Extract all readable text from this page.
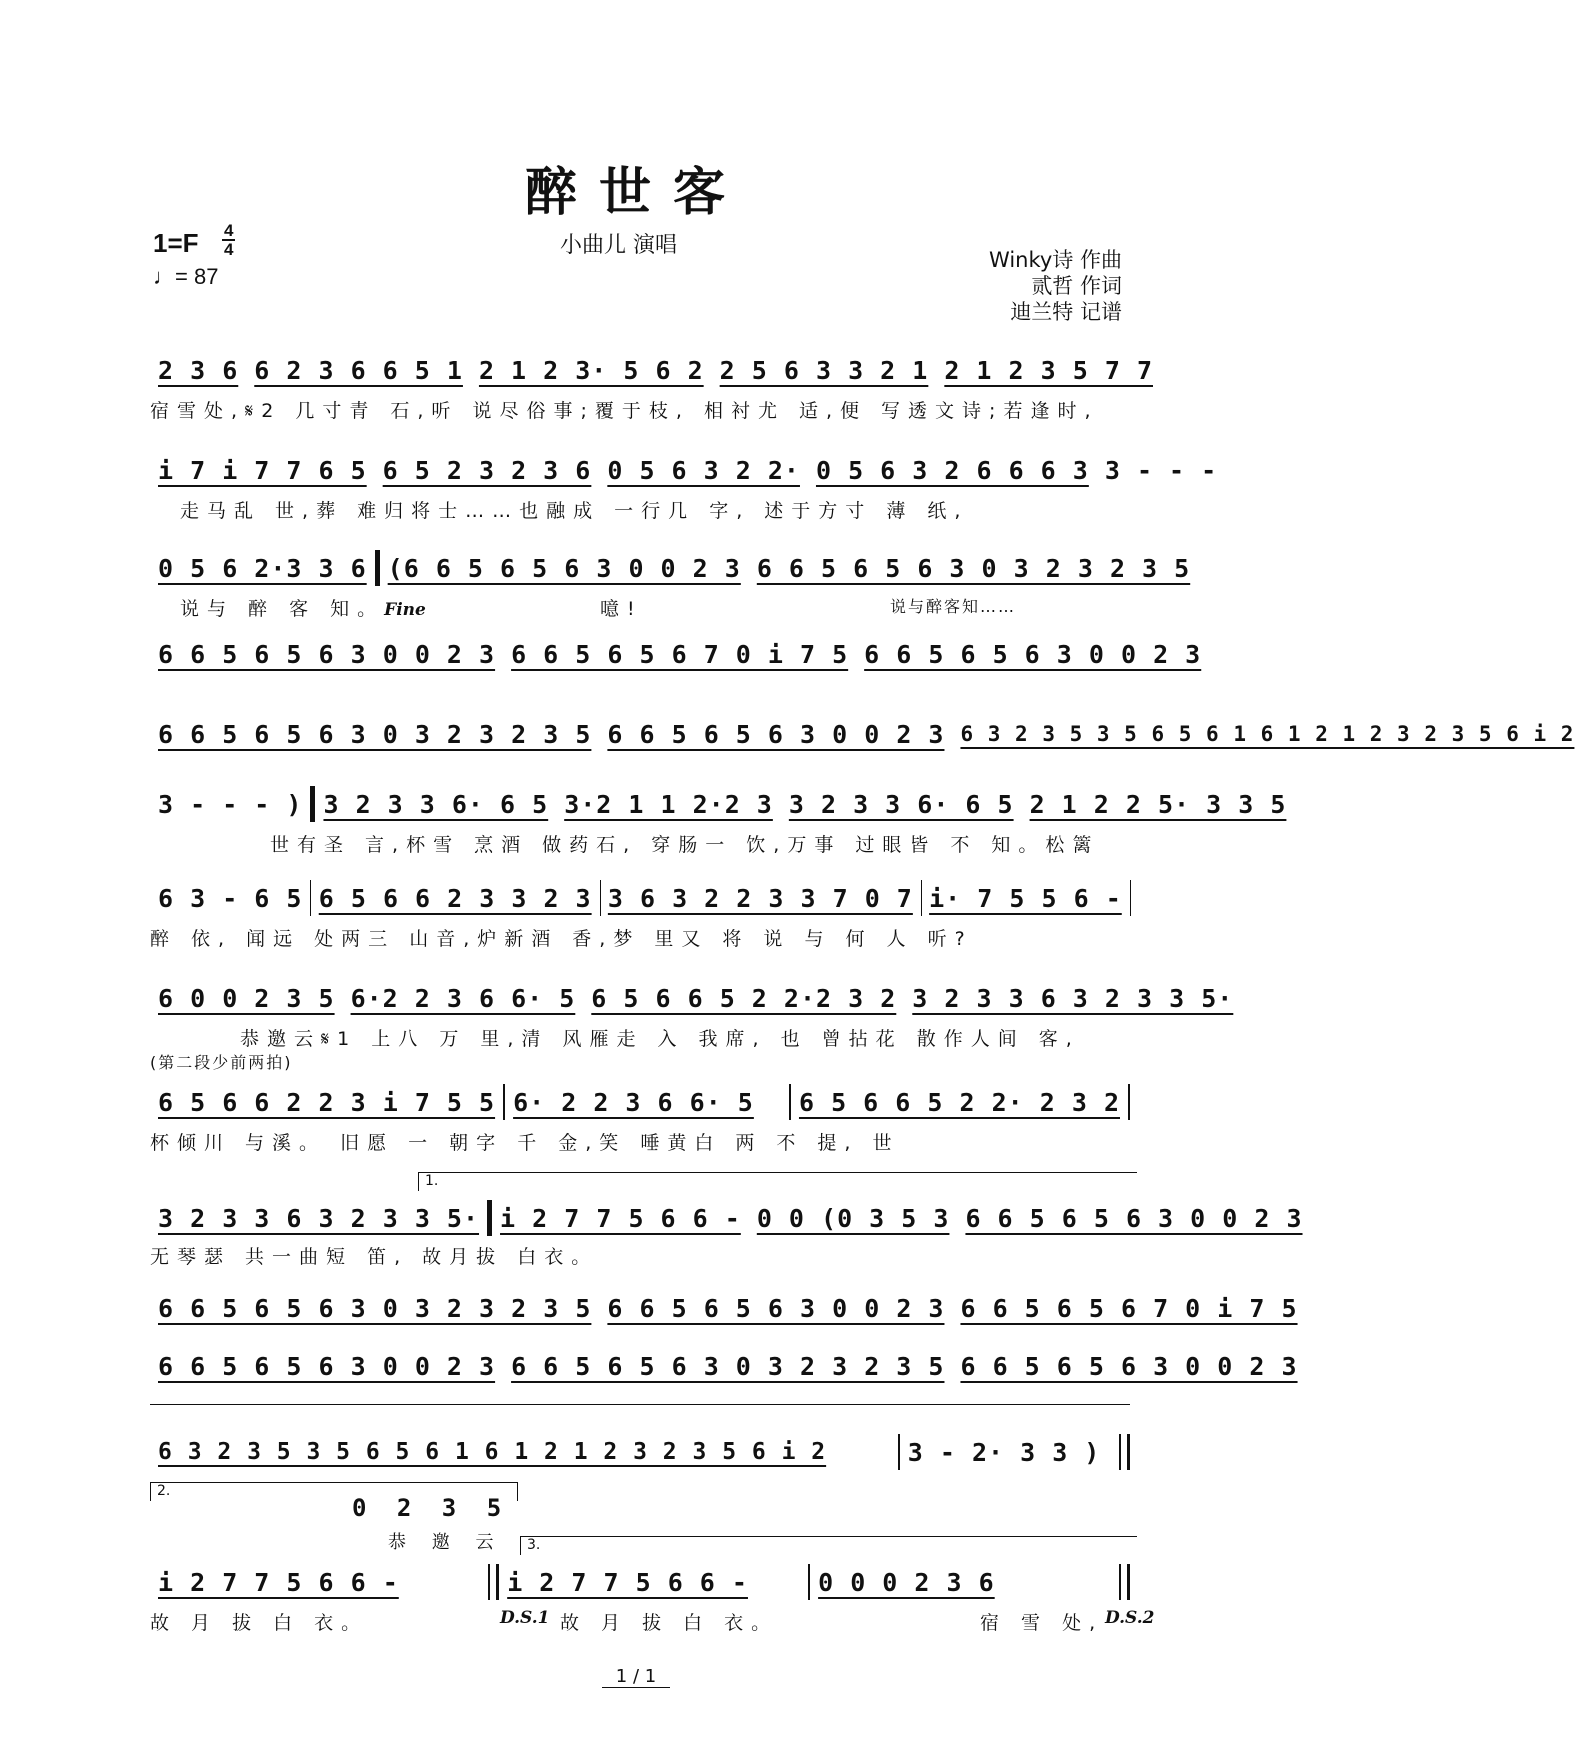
醉世客
1=F 4
4
♩= 87
小曲儿 演唱
Winky诗 作曲
贰哲 作词
迪兰特 记谱
2 3 6 6 2 3 6 6 5 1 2 1 2 3· 5 6 2 2 5 6 3 3 2 1 2 1 2 3 5 7 7
宿雪处,𝄋2 几寸青 石,听 说尽俗事;覆于枝, 相衬尤 适,便 写透文诗;若逢时,
i 7 i 7 7 6 5 6 5 2 3 2 3 6 0 5 6 3 2 2· 0 5 6 3 2 6 6 6 3 3 - - -
走马乱 世,葬 难归将士……也融成 一行几 字, 述于方寸 薄 纸,
0 5 6 2·3 3 6 (6 6 5 6 5 6 3 0 0 2 3 6 6 5 6 5 6 3 0 3 2 3 2 3 5
说与 醉 客 知。Fine	噫!	说与醉客知……
6 6 5 6 5 6 3 0 0 2 3 6 6 5 6 5 6 7 0 i 7 5 6 6 5 6 5 6 3 0 0 2 3
6 6 5 6 5 6 3 0 3 2 3 2 3 5 6 6 5 6 5 6 3 0 0 2 3 6 3 2 3 5 3 5 6 5 6 1 6 1 2 1 2 3 2 3 5 6 i 2
3 - - - ) 3 2 3 3 6· 6 5 3·2 1 1 2·2 3 3 2 3 3 6· 6 5 2 1 2 2 5· 3 3 5
世有圣 言,杯雪 烹酒 做药石, 穿肠一 饮,万事 过眼皆 不 知。松篱
6 3 - 6 5 6 5 6 6 2 3 3 2 3 3 6 3 2 2 3 3 7 0 7 i· 7 5 5 6 -
醉 依, 闻远 处两三 山音,炉新酒 香,梦 里又 将 说 与 何 人 听?
6 0 0 2 3 5 6·2 2 3 6 6· 5 6 5 6 6 5 2 2·2 3 2 3 2 3 3 6 3 2 3 3 5·
恭邀云𝄋1 上八 万 里,清 风雁走 入 我席, 也 曾拈花 散作人间 客,
(第二段少前两拍)
6 5 6 6 2 2 3 i 7 5 5 6· 2 2 3 6 6· 5 6 5 6 6 5 2 2· 2 3 2
杯倾川 与溪。 旧愿 一 朝字 千 金,笑 唾黄白 两 不 提, 世
1.
3 2 3 3 6 3 2 3 3 5· i 2 7 7 5 6 6 - 0 0 (0 3 5 3 6 6 5 6 5 6 3 0 0 2 3
无琴瑟 共一曲短 笛, 故月拔 白衣。
6 6 5 6 5 6 3 0 3 2 3 2 3 5 6 6 5 6 5 6 3 0 0 2 3 6 6 5 6 5 6 7 0 i 7 5
6 6 5 6 5 6 3 0 0 2 3 6 6 5 6 5 6 3 0 3 2 3 2 3 5 6 6 5 6 5 6 3 0 0 2 3
6 3 2 3 5 3 5 6 5 6 1 6 1 2 1 2 3 2 3 5 6 i 2	3 - 2· 3 3 )
2.
0 2 3 5
恭 邀 云	3.
i 2 7 7 5 6 6 -	i 2 7 7 5 6 6 -	0 0 0 2 3 6
故 月 拔 白 衣。	D.S.1 故 月 拔 白 衣。	宿 雪 处, D.S.2
1 / 1
